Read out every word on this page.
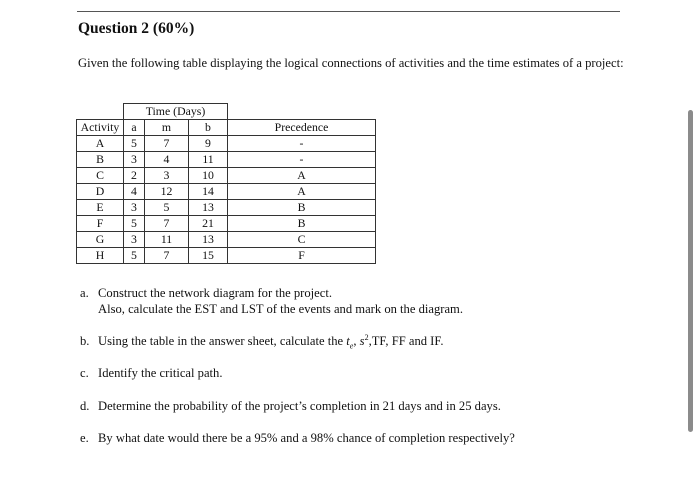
Question 2 (60%)
Given the following table displaying the logical connections of activities and the time estimates of a project:
	Time (Days)			
Activity	a	m	b	Precedence
A	5	7	9	-
B	3	4	11	-
C	2	3	10	A
D	4	12	14	A
E	3	5	13	B
F	5	7	21	B
G	3	11	13	C
H	5	7	15	F
a. Construct the network diagram for the project.
Also, calculate the EST and LST of the events and mark on the diagram.
b. Using the table in the answer sheet, calculate the $t_e$, $s^2,TF$, FF and IF.
c. Identify the critical path.
d. Determine the probability of the project’s completion in 21 days and in 25 days.
e. By what date would there be a 95% and a 98% chance of completion respectively?
